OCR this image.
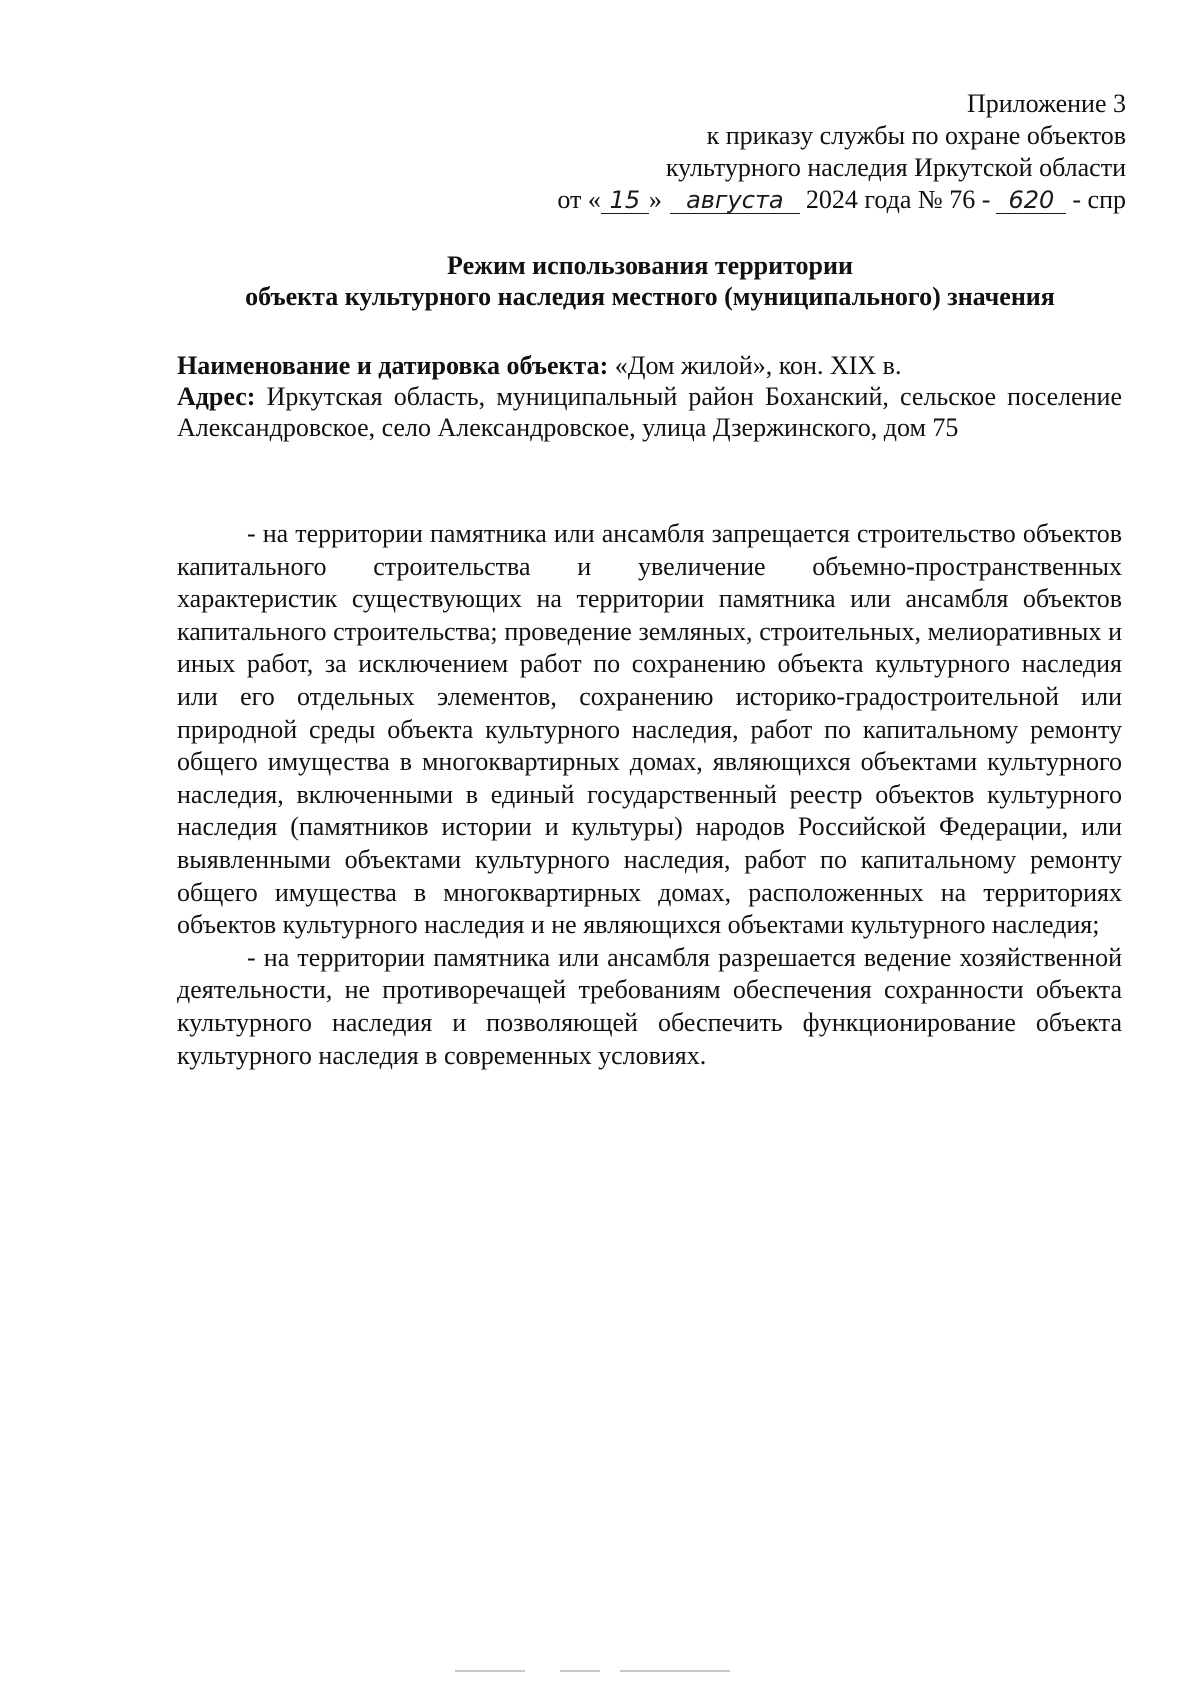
Приложение 3
к приказу службы по охране объектов
культурного наследия Иркутской области
от « 15 » августа 2024 года № 76 - 620 - спр
Режим использования территории
объекта культурного наследия местного (муниципального) значения
Наименование и датировка объекта: «Дом жилой», кон. XIX в.
Адрес: Иркутская область, муниципальный район Боханский, сельское поселение Александровское, село Александровское, улица Дзержинского, дом 75

- на территории памятника или ансамбля запрещается строительство объектов капитального строительства и увеличение объемно-пространственных характеристик существующих на территории памятника или ансамбля объектов капитального строительства; проведение земляных, строительных, мелиоративных и иных работ, за исключением работ по сохранению объекта культурного наследия или его отдельных элементов, сохранению историко-градостроительной или природной среды объекта культурного наследия, работ по капитальному ремонту общего имущества в многоквартирных домах, являющихся объектами культурного наследия, включенными в единый государственный реестр объектов культурного наследия (памятников истории и культуры) народов Российской Федерации, или выявленными объектами культурного наследия, работ по капитальному ремонту общего имущества в многоквартирных домах, расположенных на территориях объектов культурного наследия и не являющихся объектами культурного наследия;

- на территории памятника или ансамбля разрешается ведение хозяйственной деятельности, не противоречащей требованиям обеспечения сохранности объекта культурного наследия и позволяющей обеспечить функционирование объекта культурного наследия в современных условиях.
